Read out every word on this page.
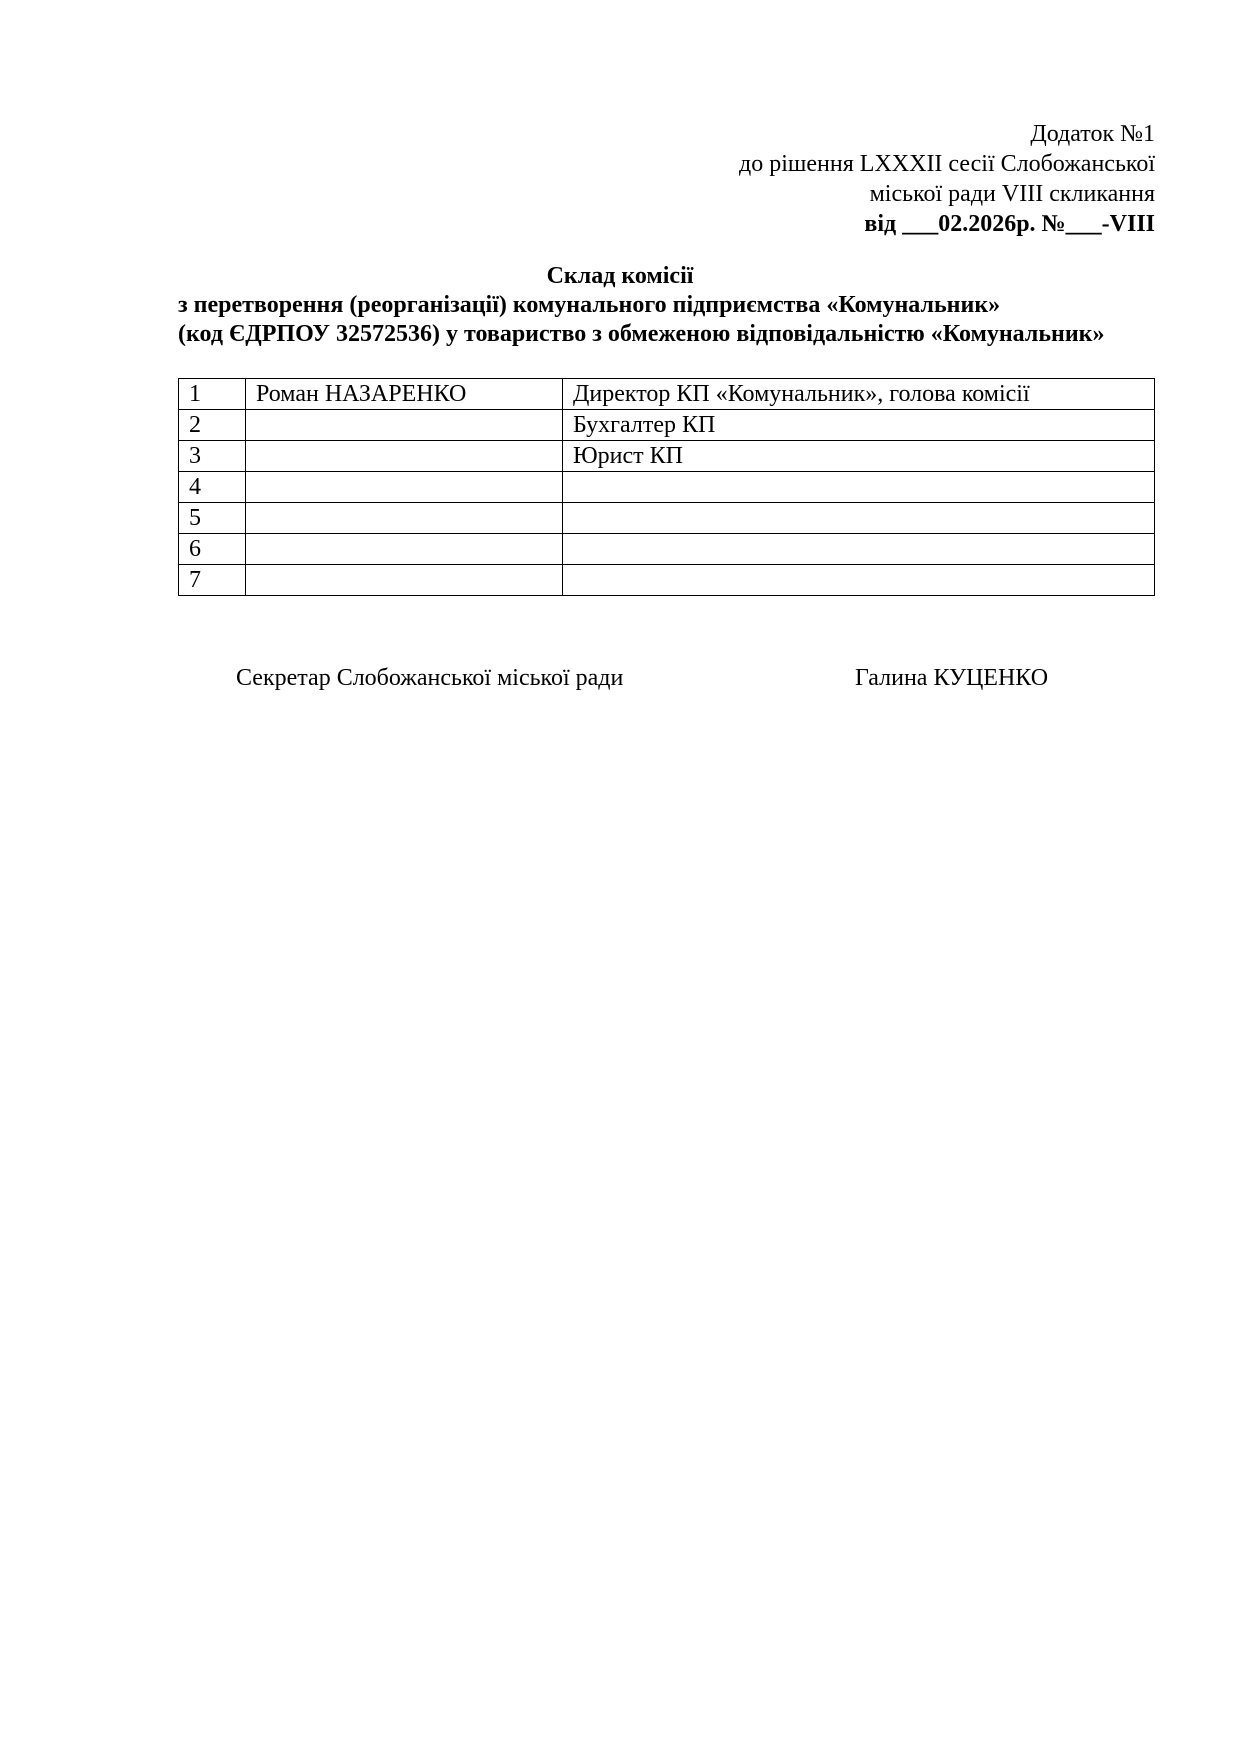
Додаток №1
до рішення LXXXII сесії Слобожанської
міської ради VIII скликання
від ___02.2026р. №___-VIII
Склад комісії
з перетворення (реорганізації) комунального підприємства «Комунальник»
(код ЄДРПОУ 32572536) у товариство з обмеженою відповідальністю «Комунальник»
1	Роман НАЗАРЕНКО	Директор КП «Комунальник», голова комісії
2		Бухгалтер КП
3		Юрист КП
4		
5		
6		
7		
Секретар Слобожанської міської ради	Галина КУЦЕНКО
